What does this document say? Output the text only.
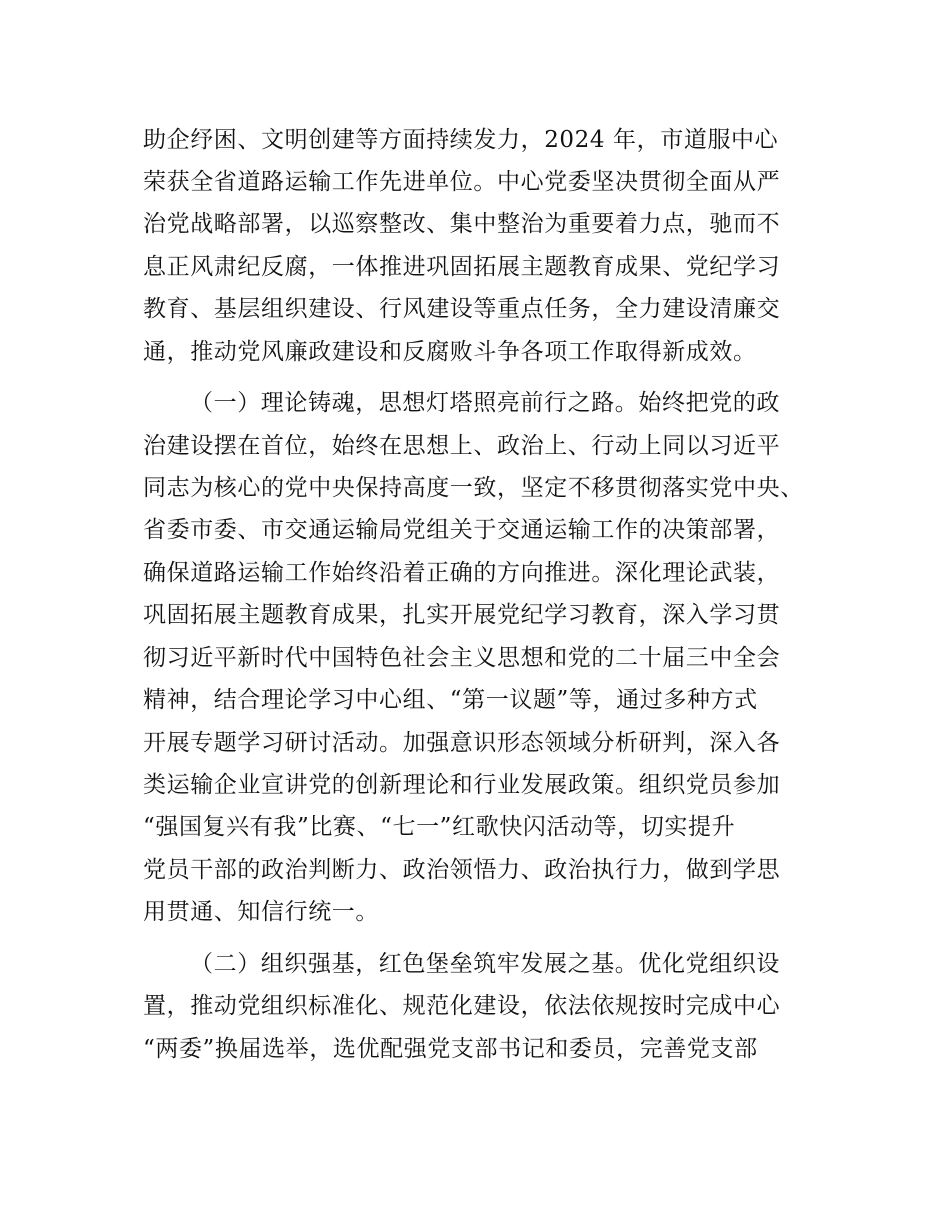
助企纾困、文明创建等方面持续发力，2024 年，市道服中心
荣获全省道路运输工作先进单位。中心党委坚决贯彻全面从严
治党战略部署，以巡察整改、集中整治为重要着力点，驰而不
息正风肃纪反腐，一体推进巩固拓展主题教育成果、党纪学习
教育、基层组织建设、行风建设等重点任务，全力建设清廉交
通，推动党风廉政建设和反腐败斗争各项工作取得新成效。
（一）理论铸魂，思想灯塔照亮前行之路。始终把党的政
治建设摆在首位，始终在思想上、政治上、行动上同以习近平
同志为核心的党中央保持高度一致，坚定不移贯彻落实党中央、
省委市委、市交通运输局党组关于交通运输工作的决策部署，
确保道路运输工作始终沿着正确的方向推进。深化理论武装，
巩固拓展主题教育成果，扎实开展党纪学习教育，深入学习贯
彻习近平新时代中国特色社会主义思想和党的二十届三中全会
精神，结合理论学习中心组、“第一议题”等，通过多种方式
开展专题学习研讨活动。加强意识形态领域分析研判，深入各
类运输企业宣讲党的创新理论和行业发展政策。组织党员参加
“强国复兴有我”比赛、“七一”红歌快闪活动等，切实提升
党员干部的政治判断力、政治领悟力、政治执行力，做到学思
用贯通、知信行统一。
（二）组织强基，红色堡垒筑牢发展之基。优化党组织设
置，推动党组织标准化、规范化建设，依法依规按时完成中心
“两委”换届选举，选优配强党支部书记和委员，完善党支部
